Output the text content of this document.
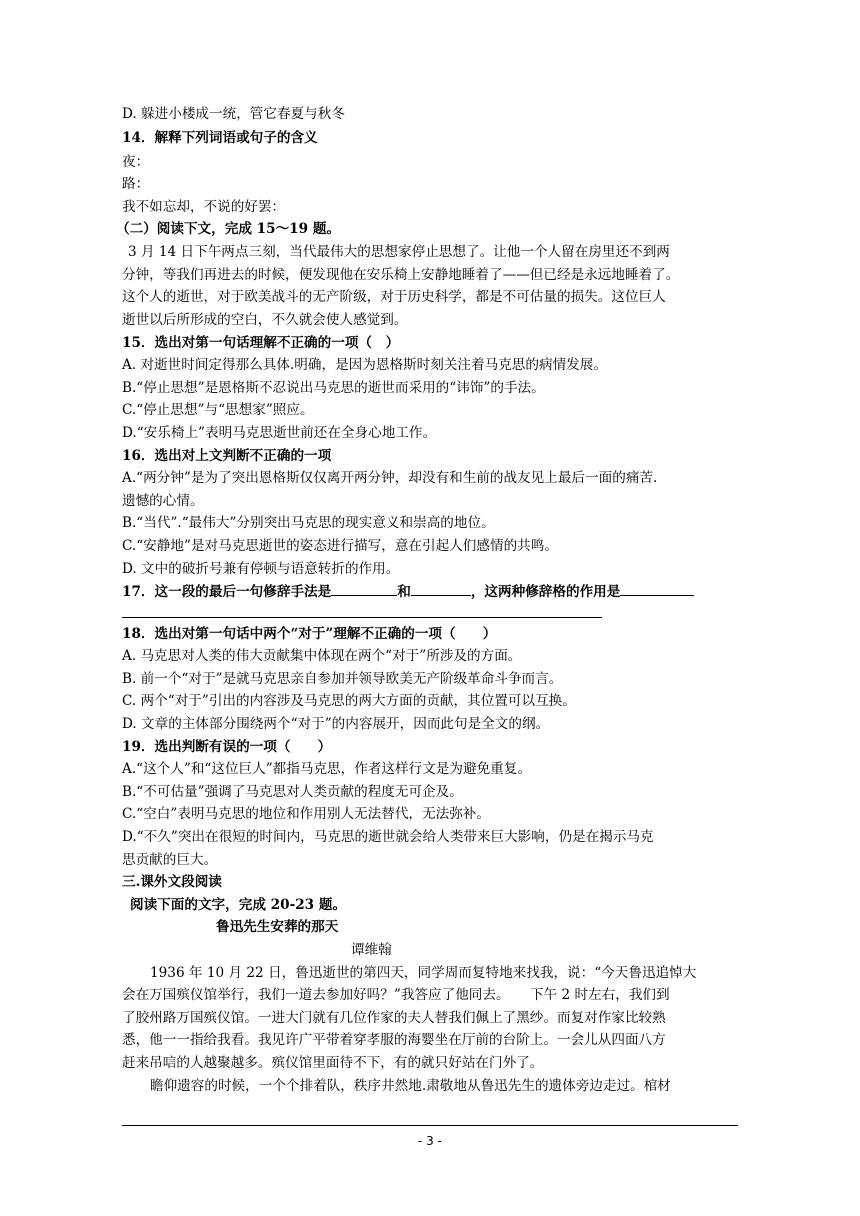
D. 躲进小楼成一统，管它春夏与秋冬
14．解释下列词语或句子的含义
夜：
路：
我不如忘却，不说的好罢：
（二）阅读下文，完成 15～19 题。
3 月 14 日下午两点三刻，当代最伟大的思想家停止思想了。让他一个人留在房里还不到两
分钟，等我们再进去的时候，便发现他在安乐椅上安静地睡着了——但已经是永远地睡着了。
这个人的逝世，对于欧美战斗的无产阶级，对于历史科学，都是不可估量的损失。这位巨人
逝世以后所形成的空白，不久就会使人感觉到。
15．选出对第一句话理解不正确的一项（　）
A. 对逝世时间定得那么具体.明确，是因为恩格斯时刻关注着马克思的病情发展。
B.“停止思想”是恩格斯不忍说出马克思的逝世而采用的“讳饰”的手法。
C.“停止思想”与“思想家”照应。
D.“安乐椅上”表明马克思逝世前还在全身心地工作。
16．选出对上文判断不正确的一项
A.“两分钟”是为了突出恩格斯仅仅离开两分钟，却没有和生前的战友见上最后一面的痛苦.
遗憾的心情。
B.“当代”.“最伟大”分别突出马克思的现实意义和崇高的地位。
C.“安静地”是对马克思逝世的姿态进行描写，意在引起人们感情的共鸣。
D. 文中的破折号兼有停顿与语意转折的作用。
17．这一段的最后一句修辞手法是	和	，这两种修辞格的作用是
18．选出对第一句话中两个“对于”理解不正确的一项（　　）
A. 马克思对人类的伟大贡献集中体现在两个“对于”所涉及的方面。
B. 前一个“对于”是就马克思亲自参加并领导欧美无产阶级革命斗争而言。
C. 两个“对于”引出的内容涉及马克思的两大方面的贡献，其位置可以互换。
D. 文章的主体部分围绕两个“对于”的内容展开，因而此句是全文的纲。
19．选出判断有误的一项（　　）
A.“这个人”和“这位巨人”都指马克思，作者这样行文是为避免重复。
B.“不可估量”强调了马克思对人类贡献的程度无可企及。
C.“空白”表明马克思的地位和作用别人无法替代，无法弥补。
D.“不久”突出在很短的时间内，马克思的逝世就会给人类带来巨大影响，仍是在揭示马克
思贡献的巨大。
三.课外文段阅读
阅读下面的文字，完成 20-23 题。
鲁迅先生安葬的那天
谭维翰
1936 年 10 月 22 日，鲁迅逝世的第四天，同学周而复特地来找我，说：“今天鲁迅追悼大
会在万国殡仪馆举行，我们一道去参加好吗？”我答应了他同去。　　下午 2 时左右，我们到
了胶州路万国殡仪馆。一进大门就有几位作家的夫人替我们佩上了黑纱。而复对作家比较熟
悉，他一一指给我看。我见许广平带着穿孝服的海婴坐在厅前的台阶上。一会儿从四面八方
赶来吊唁的人越聚越多。殡仪馆里面待不下，有的就只好站在门外了。
瞻仰遗容的时候，一个个排着队，秩序井然地.肃敬地从鲁迅先生的遗体旁边走过。棺材
- 3 -
